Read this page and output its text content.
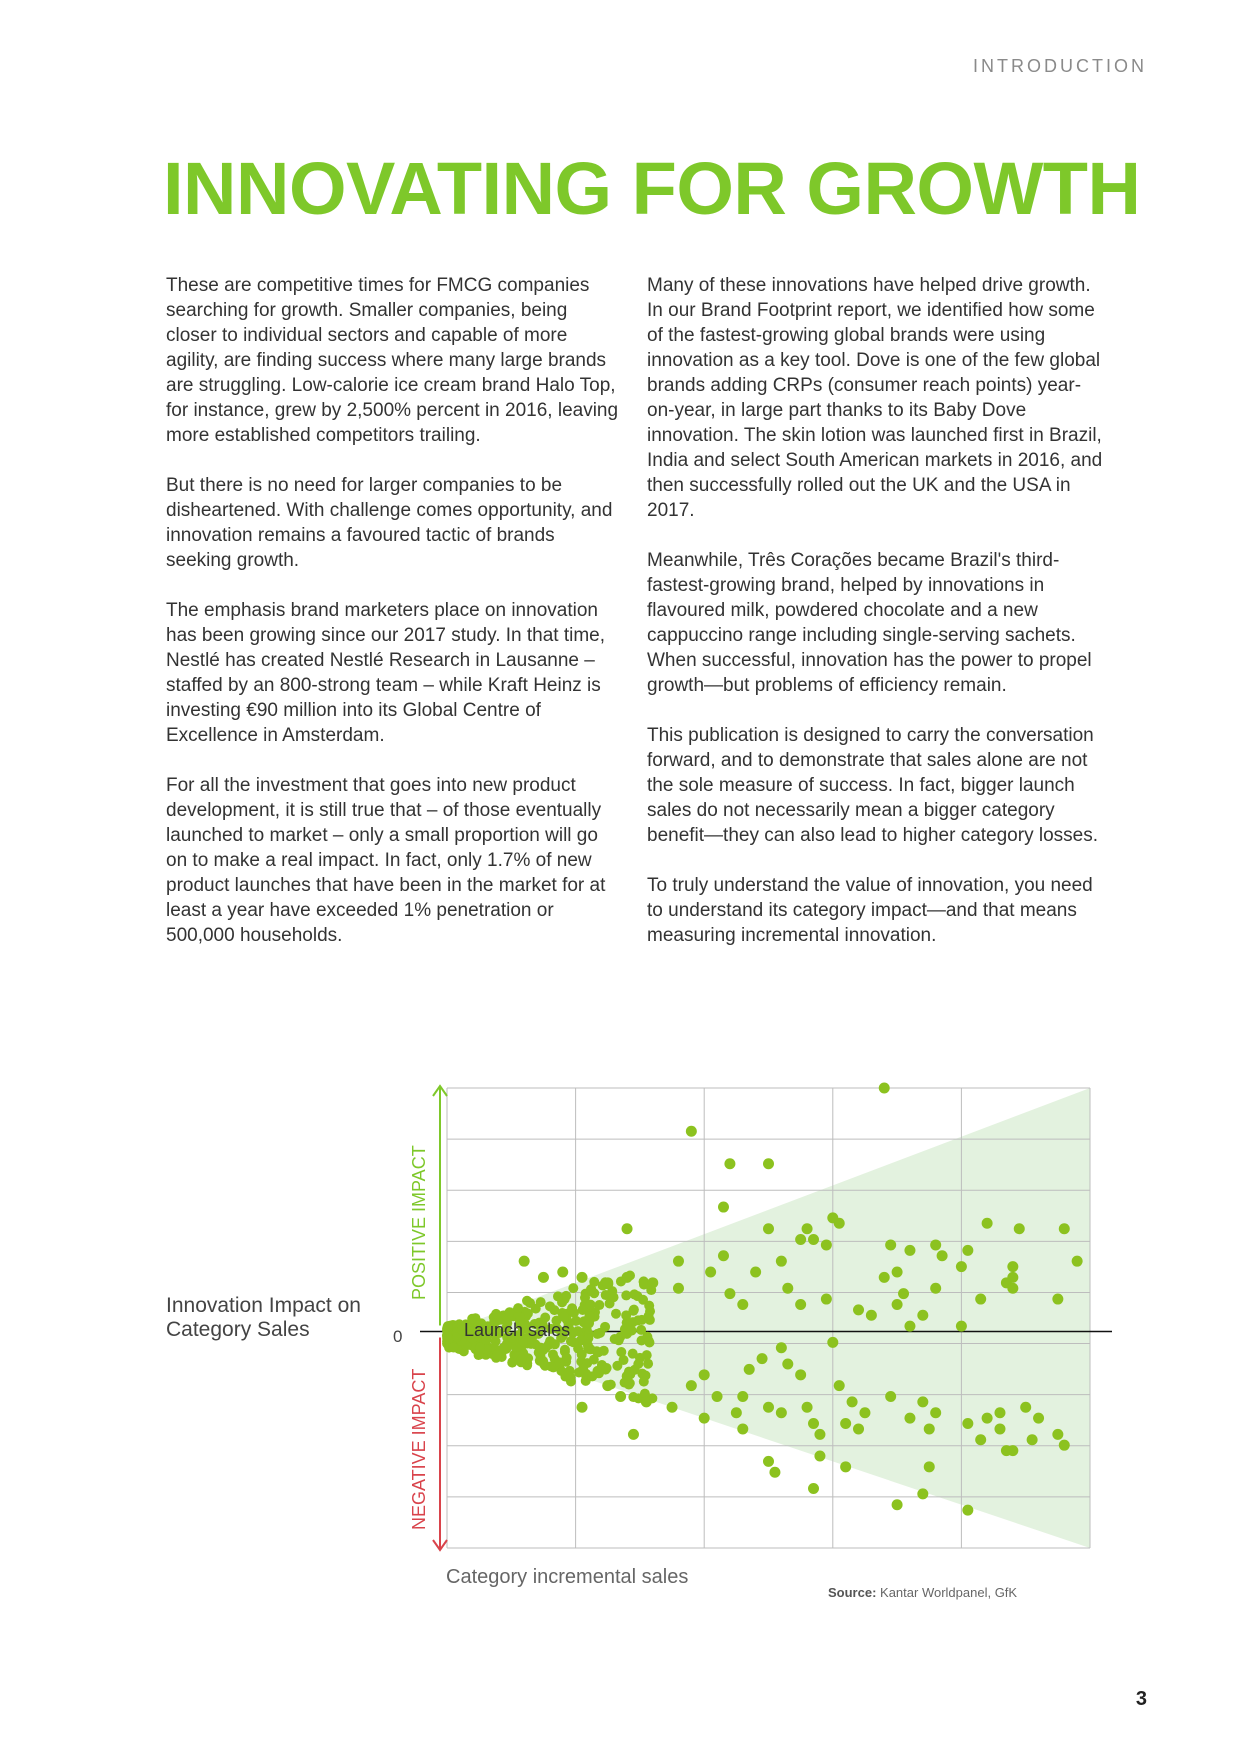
INTRODUCTION
INNOVATING FOR GROWTH

These are competitive times for FMCG companies searching for growth. Smaller companies, being closer to individual sectors and capable of more agility, are finding success where many large brands are struggling. Low-calorie ice cream brand Halo Top, for instance, grew by 2,500% percent in 2016, leaving more established competitors trailing.

But there is no need for larger companies to be disheartened. With challenge comes opportunity, and innovation remains a favoured tactic of brands seeking growth.

The emphasis brand marketers place on innovation has been growing since our 2017 study. In that time, Nestlé has created Nestlé Research in Lausanne – staffed by an 800-strong team – while Kraft Heinz is investing €90 million into its Global Centre of Excellence in Amsterdam.

For all the investment that goes into new product development, it is still true that – of those eventually launched to market – only a small proportion will go on to make a real impact. In fact, only 1.7% of new product launches that have been in the market for at least a year have exceeded 1% penetration or 500,000 households.

Many of these innovations have helped drive growth. In our Brand Footprint report, we identified how some of the fastest-growing global brands were using innovation as a key tool. Dove is one of the few global brands adding CRPs (consumer reach points) year-on-year, in large part thanks to its Baby Dove innovation. The skin lotion was launched first in Brazil, India and select South American markets in 2016, and then successfully rolled out the UK and the USA in 2017.

Meanwhile, Três Corações became Brazil's third-fastest-growing brand, helped by innovations in flavoured milk, powdered chocolate and a new cappuccino range including single-serving sachets. When successful, innovation has the power to propel growth—but problems of efficiency remain.

This publication is designed to carry the conversation forward, and to demonstrate that sales alone are not the sole measure of success. In fact, bigger launch sales do not necessarily mean a bigger category benefit—they can also lead to higher category losses.

To truly understand the value of innovation, you need to understand its category impact—and that means measuring incremental innovation.

Innovation Impact on Category Sales	0
POSITIVE IMPACT
NEGATIVE IMPACT
Launch sales
Category incremental sales
Source: Kantar Worldpanel, GfK
3
